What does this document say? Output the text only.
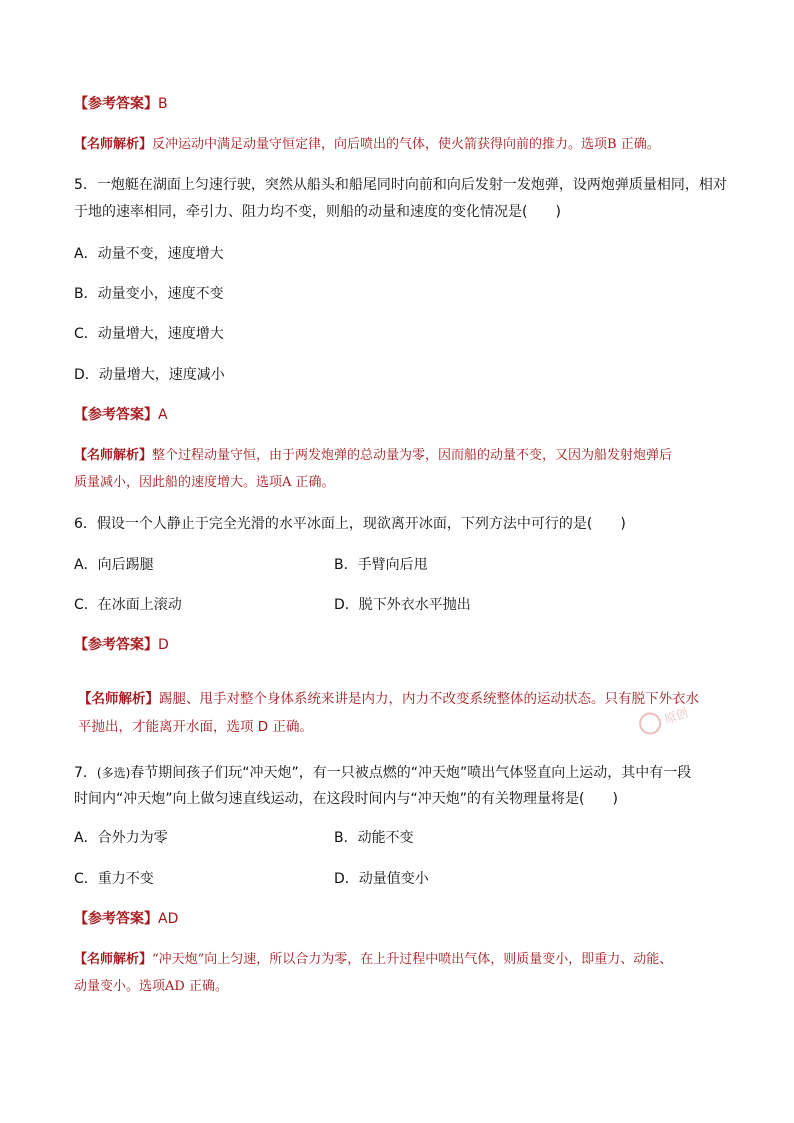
【参考答案】B
【名师解析】反冲运动中满足动量守恒定律，向后喷出的气体，使火箭获得向前的推力。选项B 正确。
5．一炮艇在湖面上匀速行驶，突然从船头和船尾同时向前和向后发射一发炮弹，设两炮弹质量相同，相对
于地的速率相同，牵引力、阻力均不变，则船的动量和速度的变化情况是(　　)
A．动量不变，速度增大
B．动量变小，速度不变
C．动量增大，速度增大
D．动量增大，速度减小
【参考答案】A
【名师解析】整个过程动量守恒，由于两发炮弹的总动量为零，因而船的动量不变，又因为船发射炮弹后
质量减小，因此船的速度增大。选项A 正确。
6．假设一个人静止于完全光滑的水平冰面上，现欲离开冰面，下列方法中可行的是(　　)
A．向后踢腿	B．手臂向后甩
C．在冰面上滚动	D．脱下外衣水平抛出
【参考答案】D
【名师解析】踢腿、甩手对整个身体系统来讲是内力，内力不改变系统整体的运动状态。只有脱下外衣水
平抛出，才能离开水面，选项 D 正确。
原创
7．(多选)春节期间孩子们玩“冲天炮”，有一只被点燃的“冲天炮”喷出气体竖直向上运动，其中有一段
时间内“冲天炮”向上做匀速直线运动，在这段时间内与“冲天炮”的有关物理量将是(　　)
A．合外力为零	B．动能不变
C．重力不变	D．动量值变小
【参考答案】AD
【名师解析】“冲天炮”向上匀速，所以合力为零，在上升过程中喷出气体，则质量变小，即重力、动能、
动量变小。选项AD 正确。
